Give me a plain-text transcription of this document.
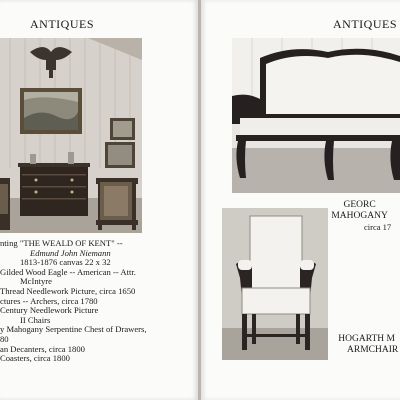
ANTIQUES
nting "THE WEALD OF KENT" --
Edmund John Niemann
1813-1876 canvas 22 x 32
Gilded Wood Eagle -- American -- Attr.
McIntyre
Thread Needlework Picture, circa 1650
ctures -- Archers, circa 1780
Century Needlework Picture
II Chairs
y Mahogany Serpentine Chest of Drawers,
80
an Decanters, circa 1800
Coasters, circa 1800
ANTIQUES
GEORC
MAHOGANY
circa 17
HOGARTH M
ARMCHAIR
